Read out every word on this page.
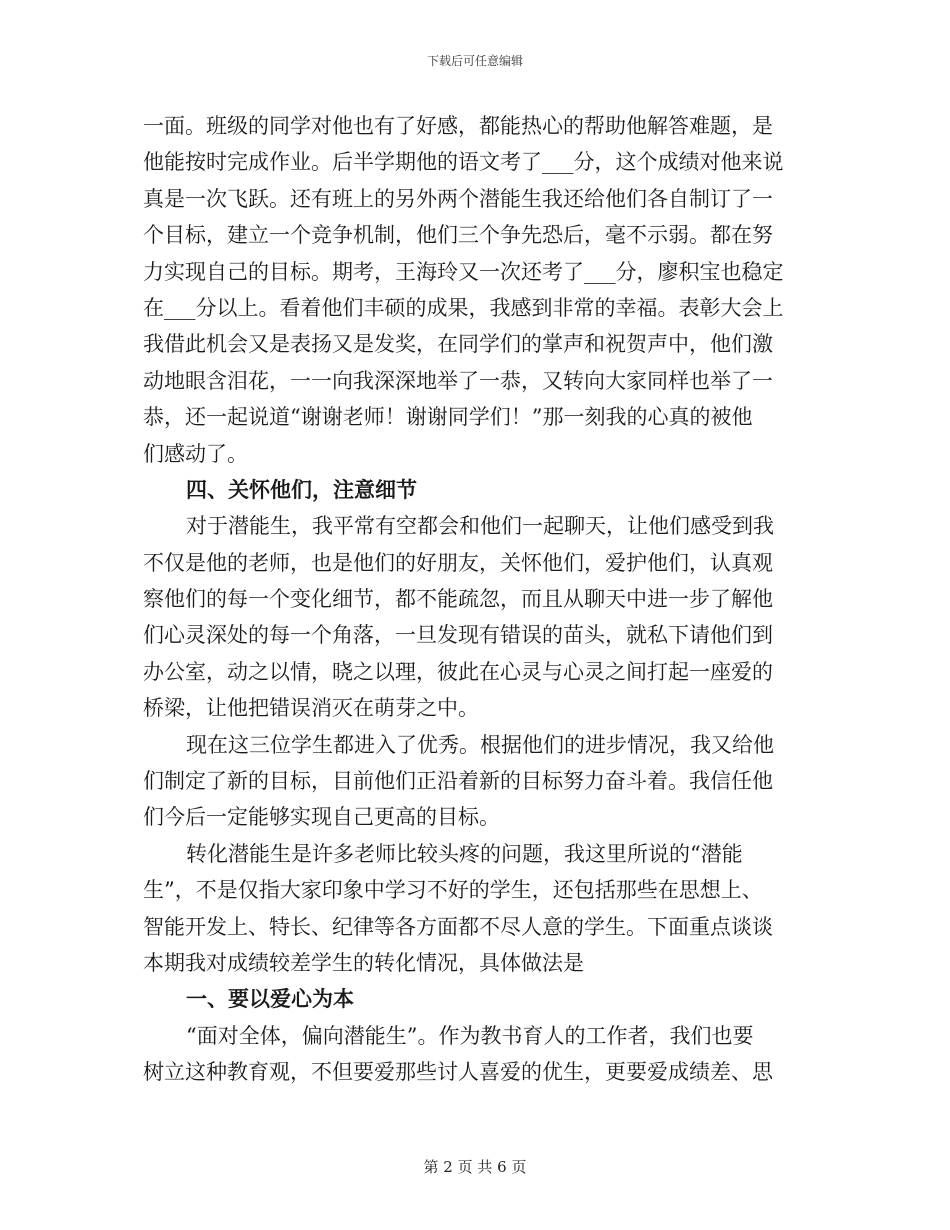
下载后可任意编辑
一面。班级的同学对他也有了好感，都能热心的帮助他解答难题，是
他能按时完成作业。后半学期他的语文考了___分，这个成绩对他来说
真是一次飞跃。还有班上的另外两个潜能生我还给他们各自制订了一
个目标，建立一个竞争机制，他们三个争先恐后，毫不示弱。都在努
力实现自己的目标。期考，王海玲又一次还考了___分，廖积宝也稳定
在___分以上。看着他们丰硕的成果，我感到非常的幸福。表彰大会上
我借此机会又是表扬又是发奖，在同学们的掌声和祝贺声中，他们激
动地眼含泪花，一一向我深深地举了一恭，又转向大家同样也举了一
恭，还一起说道“谢谢老师！谢谢同学们！”那一刻我的心真的被他
们感动了。
四、关怀他们，注意细节
对于潜能生，我平常有空都会和他们一起聊天，让他们感受到我
不仅是他的老师，也是他们的好朋友，关怀他们，爱护他们，认真观
察他们的每一个变化细节，都不能疏忽，而且从聊天中进一步了解他
们心灵深处的每一个角落，一旦发现有错误的苗头，就私下请他们到
办公室，动之以情，晓之以理，彼此在心灵与心灵之间打起一座爱的
桥梁，让他把错误消灭在萌芽之中。
现在这三位学生都进入了优秀。根据他们的进步情况，我又给他
们制定了新的目标，目前他们正沿着新的目标努力奋斗着。我信任他
们今后一定能够实现自己更高的目标。
转化潜能生是许多老师比较头疼的问题，我这里所说的“潜能
生”，不是仅指大家印象中学习不好的学生，还包括那些在思想上、
智能开发上、特长、纪律等各方面都不尽人意的学生。下面重点谈谈
本期我对成绩较差学生的转化情况，具体做法是
一、要以爱心为本
“面对全体，偏向潜能生”。作为教书育人的工作者，我们也要
树立这种教育观，不但要爱那些讨人喜爱的优生，更要爱成绩差、思
第 2 页 共 6 页
